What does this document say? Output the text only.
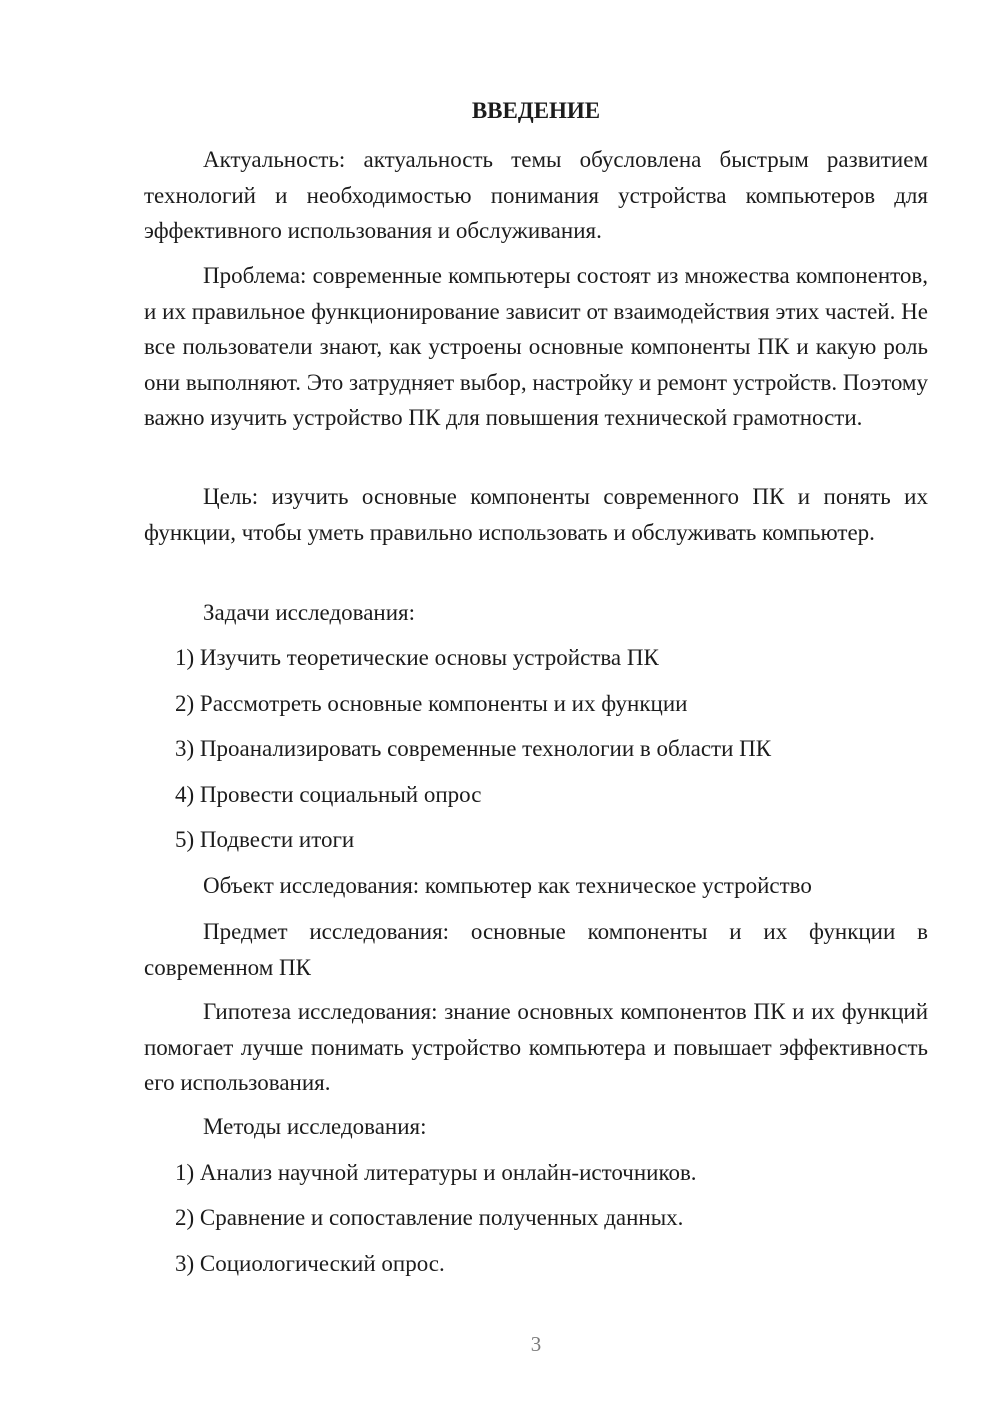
ВВЕДЕНИЕ

Актуальность: актуальность темы обусловлена быстрым развитием технологий и необходимостью понимания устройства компьютеров для эффективного использования и обслуживания.

Проблема: современные компьютеры состоят из множества компонентов, и их правильное функционирование зависит от взаимодействия этих частей. Не все пользователи знают, как устроены основные компоненты ПК и какую роль они выполняют. Это затрудняет выбор, настройку и ремонт устройств. Поэтому важно изучить устройство ПК для повышения технической грамотности.

Цель: изучить основные компоненты современного ПК и понять их функции, чтобы уметь правильно использовать и обслуживать компьютер.

Задачи исследования:

1) Изучить теоретические основы устройства ПК

2) Рассмотреть основные компоненты и их функции

3) Проанализировать современные технологии в области ПК

4) Провести социальный опрос

5) Подвести итоги

Объект исследования: компьютер как техническое устройство

Предмет исследования: основные компоненты и их функции в современном ПК

Гипотеза исследования: знание основных компонентов ПК и их функций помогает лучше понимать устройство компьютера и повышает эффективность его использования.

Методы исследования:

1) Анализ научной литературы и онлайн-источников.

2) Сравнение и сопоставление полученных данных.

3) Социологический опрос.

3
